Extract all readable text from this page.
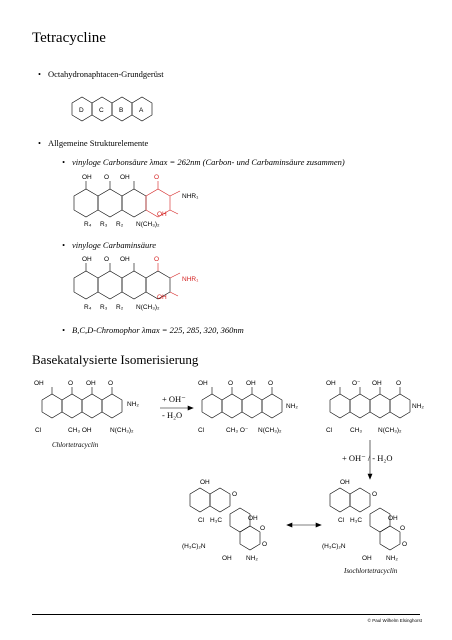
Tetracycline
• Octahydronaphtacen-Grundgerüst
• Allgemeine Strukturelemente
• vinyloge Carbonsäure λmax = 262nm (Carbon- und Carbaminsäure zusammen)
• vinyloge Carbaminsäure
• B,C,D-Chromophor λmax = 225, 285, 320, 360nm
Basekatalysierte Isomerisierung
D C B A
OH O OH	O
NHR₁
OH
R₄ R₃ R₂ N(CH₃)₂
OH O OH	O
NHR₁
OH
R₄ R₃ R₂ N(CH₃)₂
OH	O OH O
NH₂
Cl	CH₃ OH	N(CH₃)₂
Chlortetracyclin
+ OH⁻
- H₂O
OH	O OH O
NH₂
Cl	CH₃ O⁻ N(CH₃)₂
OH	O⁻ OH O
NH₂
Cl	CH₃ N(CH₃)₂
+ OH⁻ / - H₂O
OH
O
OH
O
Cl H₃C
(H₃C)₂N	O
OH NH₂
OH
O
OH
O
Cl H₃C
(H₃C)₂N	O
OH NH₂
Isochlortetracyclin
© Paul Wilhelm Elsinghorst
